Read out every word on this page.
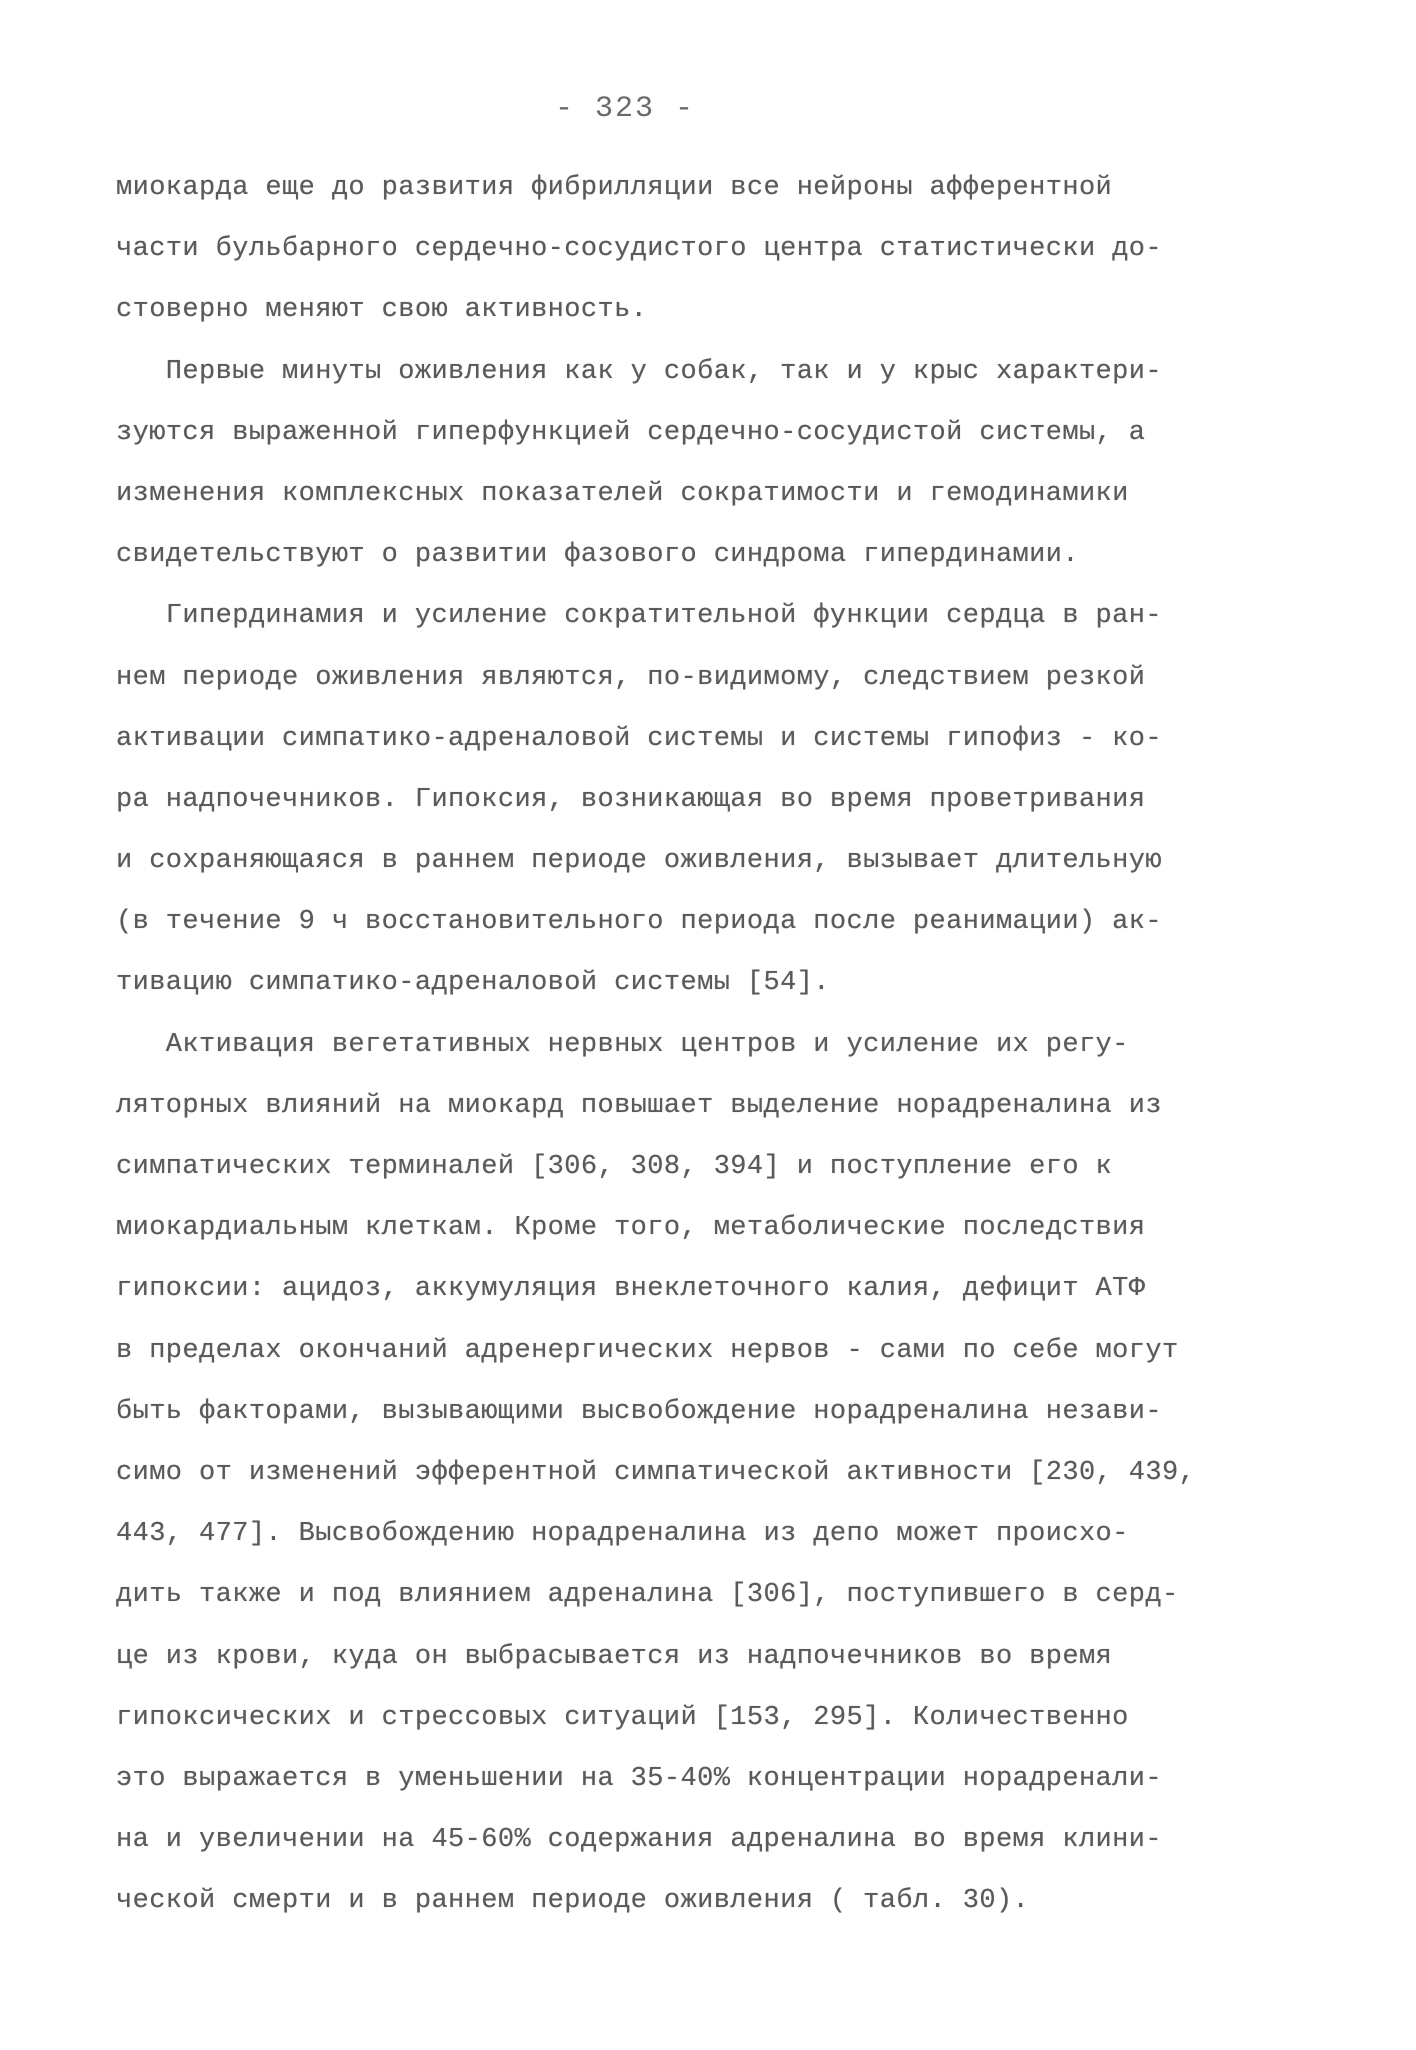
- 323 -
миокарда еще до развития фибрилляции все нейроны афферентной
части бульбарного сердечно-сосудистого центра статистически до-
стоверно меняют свою активность.
Первые минуты оживления как у собак, так и у крыс характери-
зуются выраженной гиперфункцией сердечно-сосудистой системы, а
изменения комплексных показателей сократимости и гемодинамики
свидетельствуют о развитии фазового синдрома гипердинамии.
Гипердинамия и усиление сократительной функции сердца в ран-
нем периоде оживления являются, по-видимому, следствием резкой
активации симпатико-адреналовой системы и системы гипофиз - ко-
ра надпочечников. Гипоксия, возникающая во время проветривания
и сохраняющаяся в раннем периоде оживления, вызывает длительную
(в течение 9 ч восстановительного периода после реанимации) ак-
тивацию симпатико-адреналовой системы [54].
Активация вегетативных нервных центров и усиление их регу-
ляторных влияний на миокард повышает выделение норадреналина из
симпатических терминалей [306, 308, 394] и поступление его к
миокардиальным клеткам. Кроме того, метаболические последствия
гипоксии: ацидоз, аккумуляция внеклеточного калия, дефицит АТФ
в пределах окончаний адренергических нервов - сами по себе могут
быть факторами, вызывающими высвобождение норадреналина незави-
симо от изменений эфферентной симпатической активности [230, 439,
443, 477]. Высвобождению норадреналина из депо может происхо-
дить также и под влиянием адреналина [306], поступившего в серд-
це из крови, куда он выбрасывается из надпочечников во время
гипоксических и стрессовых ситуаций [153, 295]. Количественно
это выражается в уменьшении на 35-40% концентрации норадренали-
на и увеличении на 45-60% содержания адреналина во время клини-
ческой смерти и в раннем периоде оживления ( табл. 30).
